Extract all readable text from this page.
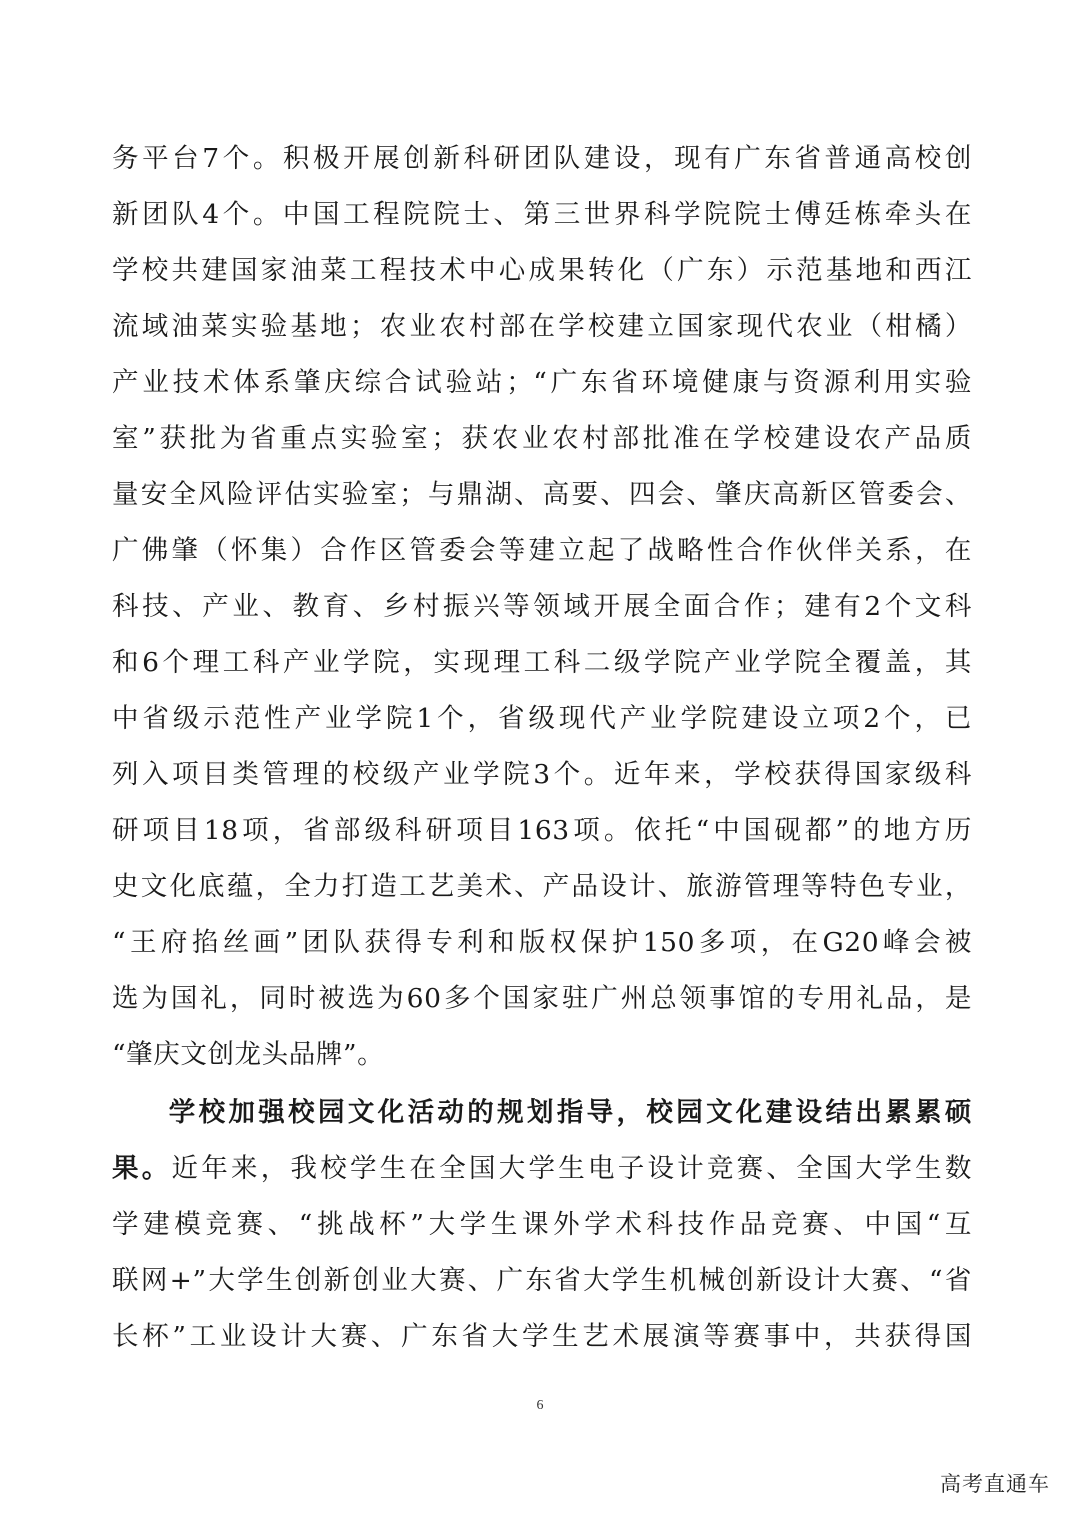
务平台7个。积极开展创新科研团队建设，现有广东省普通高校创
新团队4个。中国工程院院士、第三世界科学院院士傅廷栋牵头在
学校共建国家油菜工程技术中心成果转化（广东）示范基地和西江
流域油菜实验基地；农业农村部在学校建立国家现代农业（柑橘）
产业技术体系肇庆综合试验站；“广东省环境健康与资源利用实验
室”获批为省重点实验室；获农业农村部批准在学校建设农产品质
量安全风险评估实验室；与鼎湖、高要、四会、肇庆高新区管委会、
广佛肇（怀集）合作区管委会等建立起了战略性合作伙伴关系，在
科技、产业、教育、乡村振兴等领域开展全面合作；建有2个文科
和6个理工科产业学院，实现理工科二级学院产业学院全覆盖，其
中省级示范性产业学院1个，省级现代产业学院建设立项2个，已
列入项目类管理的校级产业学院3个。近年来，学校获得国家级科
研项目18项，省部级科研项目163项。依托“中国砚都”的地方历
史文化底蕴，全力打造工艺美术、产品设计、旅游管理等特色专业，
“王府掐丝画”团队获得专利和版权保护150多项，在G20峰会被
选为国礼，同时被选为60多个国家驻广州总领事馆的专用礼品，是
“肇庆文创龙头品牌”。
学校加强校园文化活动的规划指导，校园文化建设结出累累硕
果。近年来，我校学生在全国大学生电子设计竞赛、全国大学生数
学建模竞赛、“挑战杯”大学生课外学术科技作品竞赛、中国“互
联网+”大学生创新创业大赛、广东省大学生机械创新设计大赛、“省
长杯”工业设计大赛、广东省大学生艺术展演等赛事中，共获得国
6
高考直通车
